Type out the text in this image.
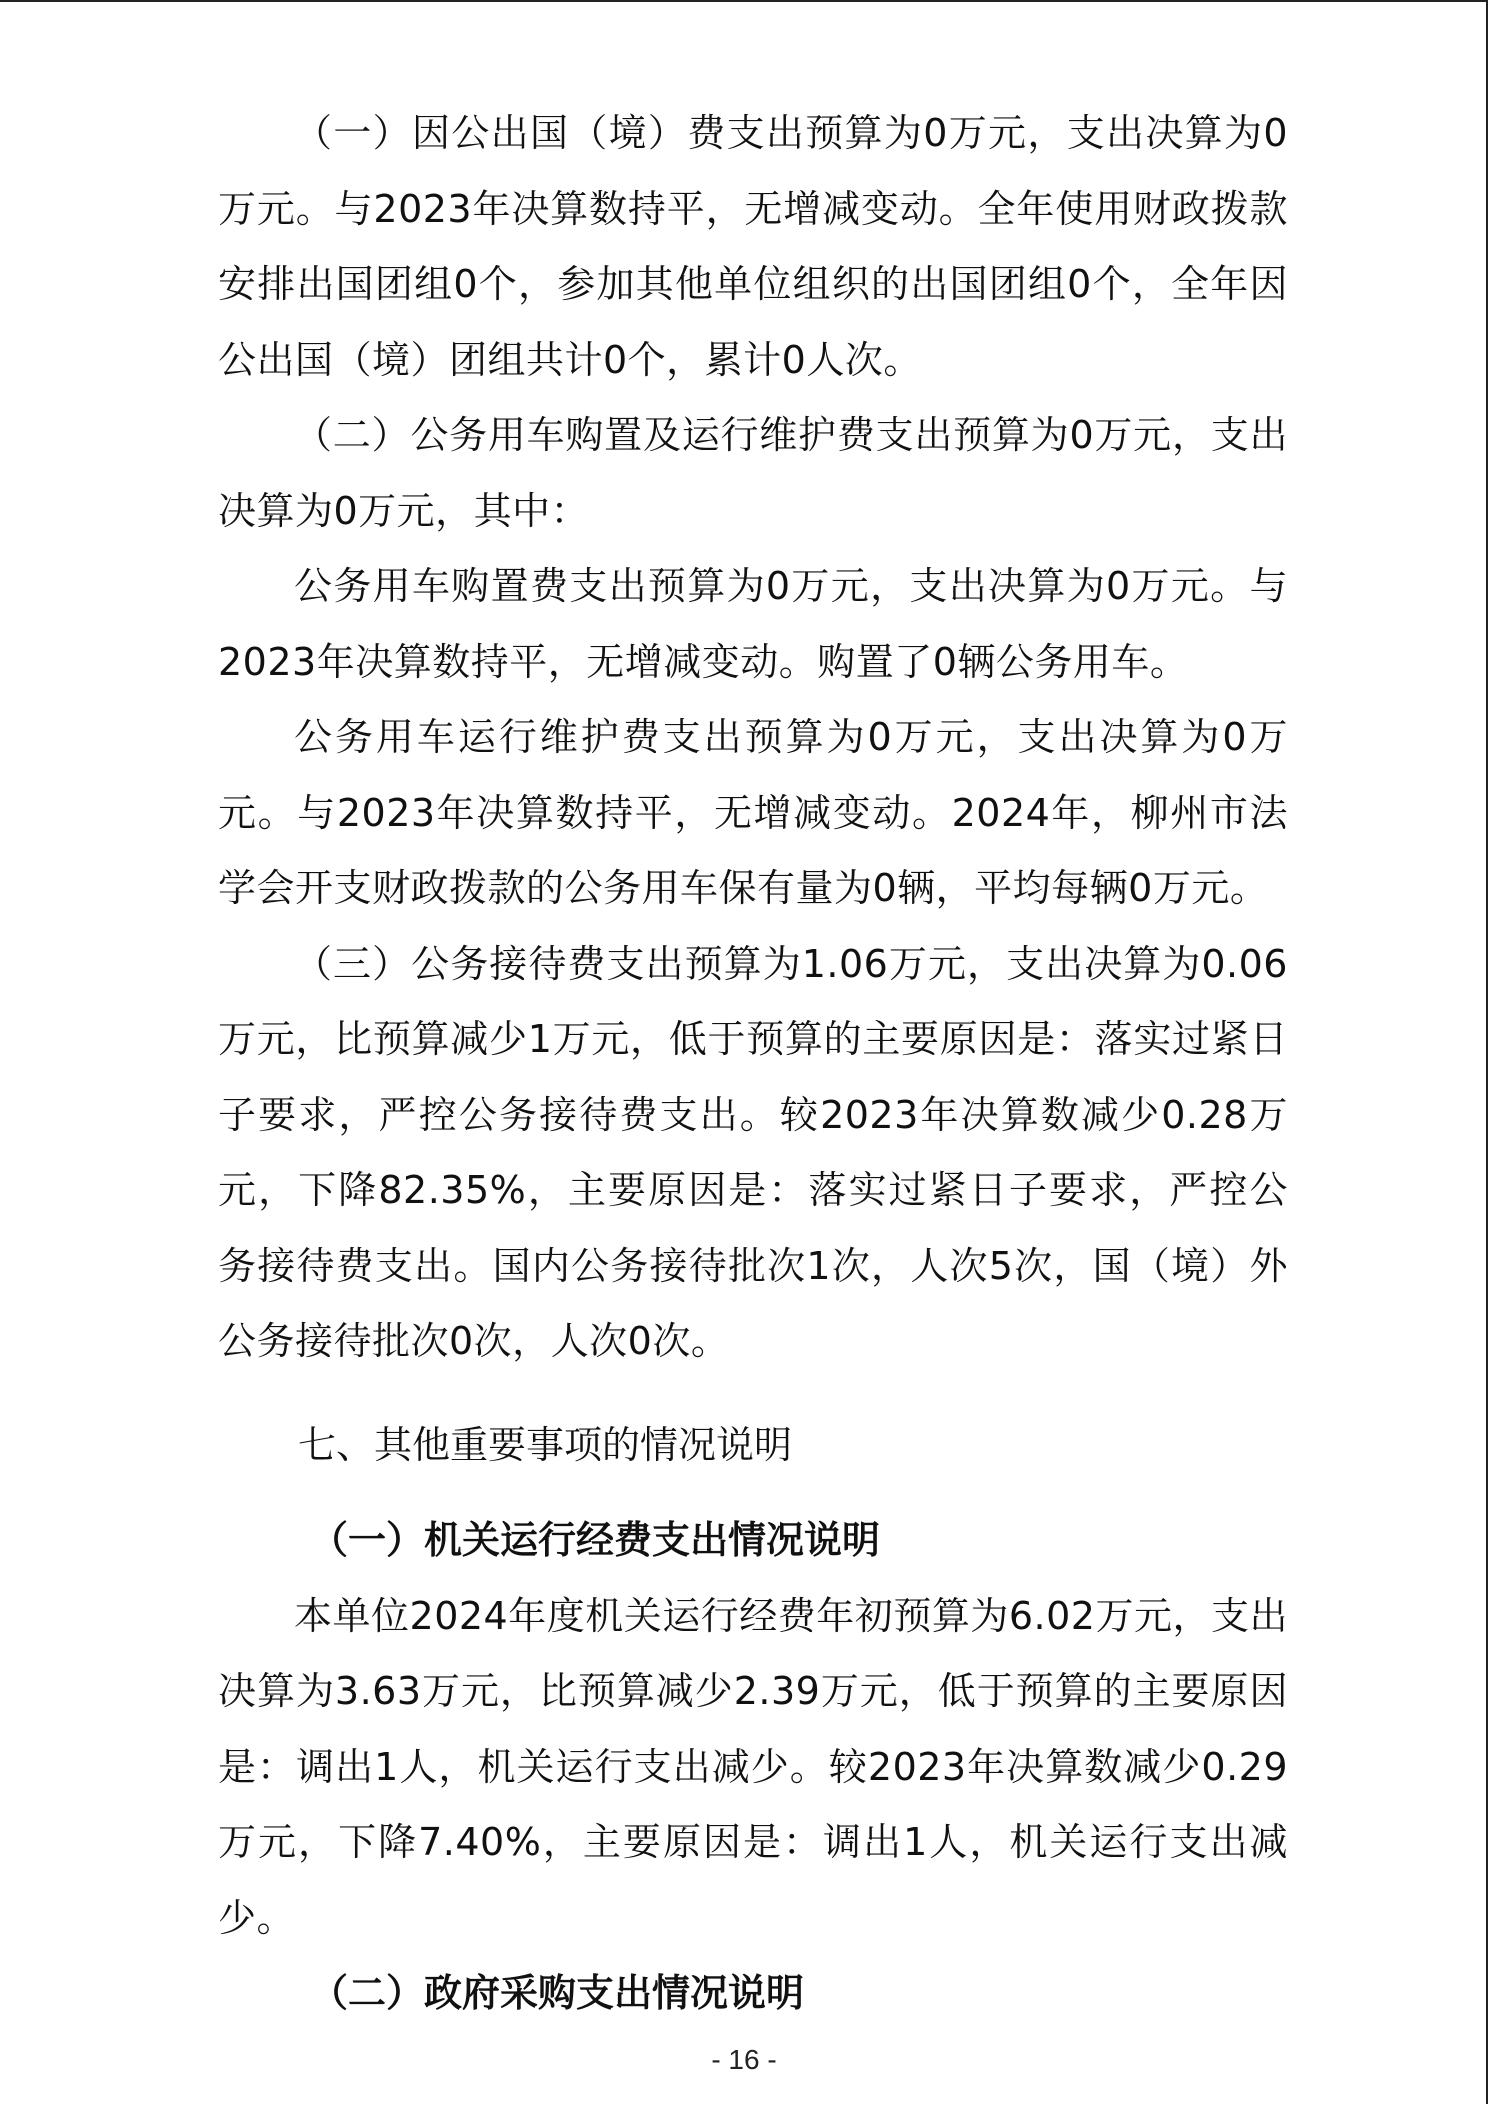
（一）因公出国（境）费支出预算为0万元，支出决算为0万元。与2023年决算数持平，无增减变动。全年使用财政拨款安排出国团组0个，参加其他单位组织的出国团组0个，全年因公出国（境）团组共计0个，累计0人次。

（二）公务用车购置及运行维护费支出预算为0万元，支出决算为0万元，其中：

公务用车购置费支出预算为0万元，支出决算为0万元。与2023年决算数持平，无增减变动。购置了0辆公务用车。

公务用车运行维护费支出预算为0万元，支出决算为0万元。与2023年决算数持平，无增减变动。2024年，柳州市法学会开支财政拨款的公务用车保有量为0辆，平均每辆0万元。

（三）公务接待费支出预算为1.06万元，支出决算为0.06万元，比预算减少1万元，低于预算的主要原因是：落实过紧日子要求，严控公务接待费支出。较2023年决算数减少0.28万元，下降82.35%，主要原因是：落实过紧日子要求，严控公务接待费支出。国内公务接待批次1次，人次5次，国（境）外公务接待批次0次，人次0次。

七、其他重要事项的情况说明

（一）机关运行经费支出情况说明

本单位2024年度机关运行经费年初预算为6.02万元，支出决算为3.63万元，比预算减少2.39万元，低于预算的主要原因是：调出1人，机关运行支出减少。较2023年决算数减少0.29万元，下降7.40%，主要原因是：调出1人，机关运行支出减少。

（二）政府采购支出情况说明

- 16 -
